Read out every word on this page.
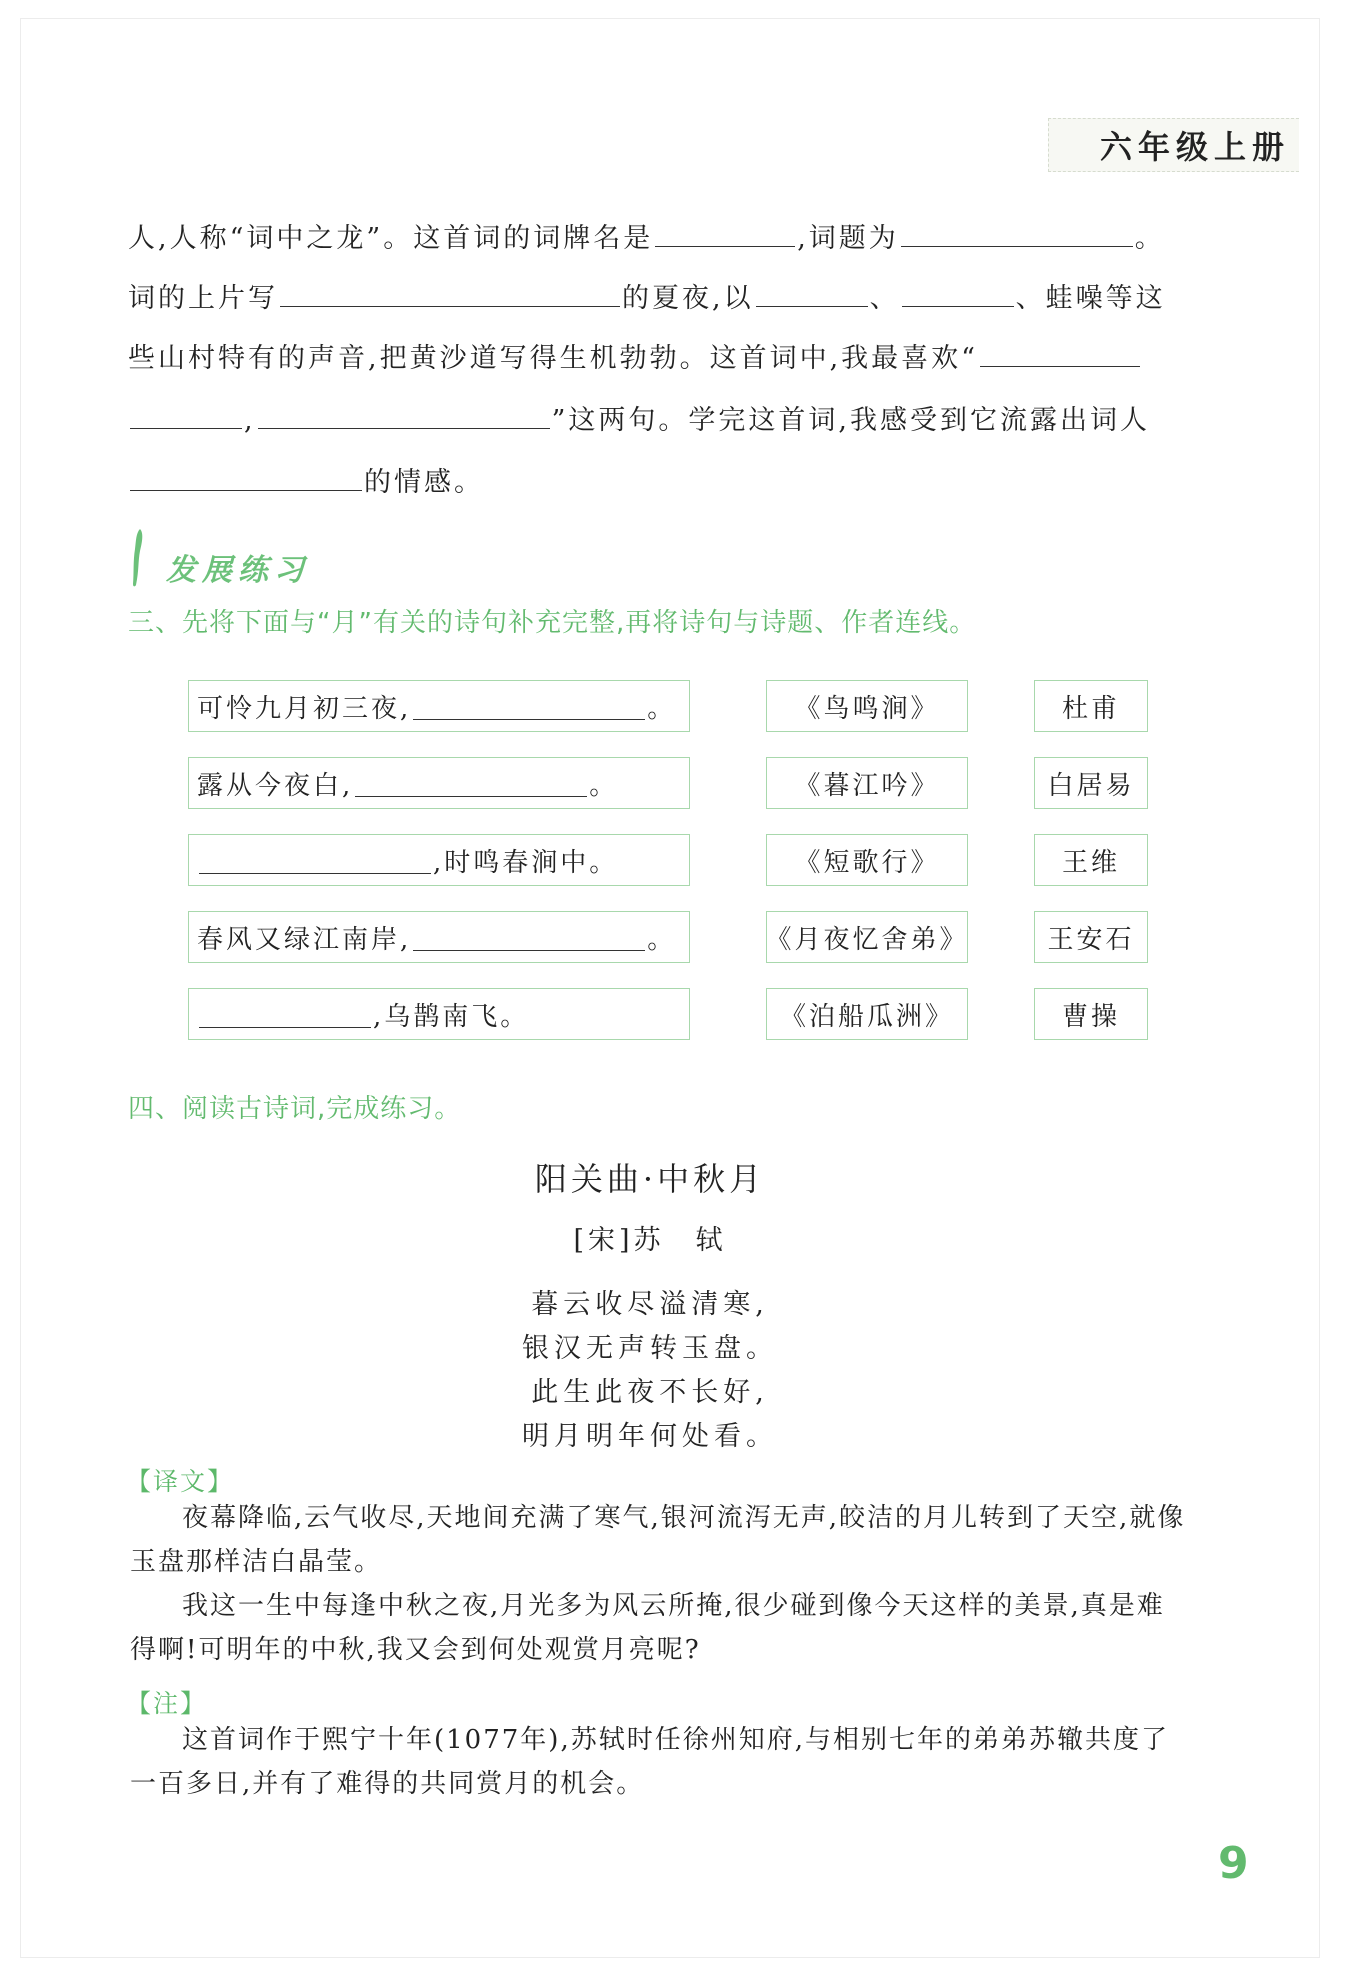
六年级上册
人,人称“词中之龙”。这首词的词牌名是	,词题为	。
词的上片写	的夏夜,以	、	、蛙噪等这
些山村特有的声音,把黄沙道写得生机勃勃。这首词中,我最喜欢“
,	”这两句。学完这首词,我感受到它流露出词人
的情感。
发展练习
三、先将下面与“月”有关的诗句补充完整,再将诗句与诗题、作者连线。
可怜九月初三夜,	。	《鸟鸣涧》	杜甫
露从今夜白,	。	《暮江吟》	白居易
,时鸣春涧中。	《短歌行》	王维
春风又绿江南岸,	。	《月夜忆舍弟》	王安石
,乌鹊南飞。	《泊船瓜洲》	曹操
四、阅读古诗词,完成练习。
阳关曲·中秋月
[宋]苏　轼
暮云收尽溢清寒,
银汉无声转玉盘。
此生此夜不长好,
明月明年何处看。
【译文】

夜幕降临,云气收尽,天地间充满了寒气,银河流泻无声,皎洁的月儿转到了天空,就像玉盘那样洁白晶莹。

我这一生中每逢中秋之夜,月光多为风云所掩,很少碰到像今天这样的美景,真是难得啊!可明年的中秋,我又会到何处观赏月亮呢?

【注】

这首词作于熙宁十年(1077年),苏轼时任徐州知府,与相别七年的弟弟苏辙共度了一百多日,并有了难得的共同赏月的机会。

9
